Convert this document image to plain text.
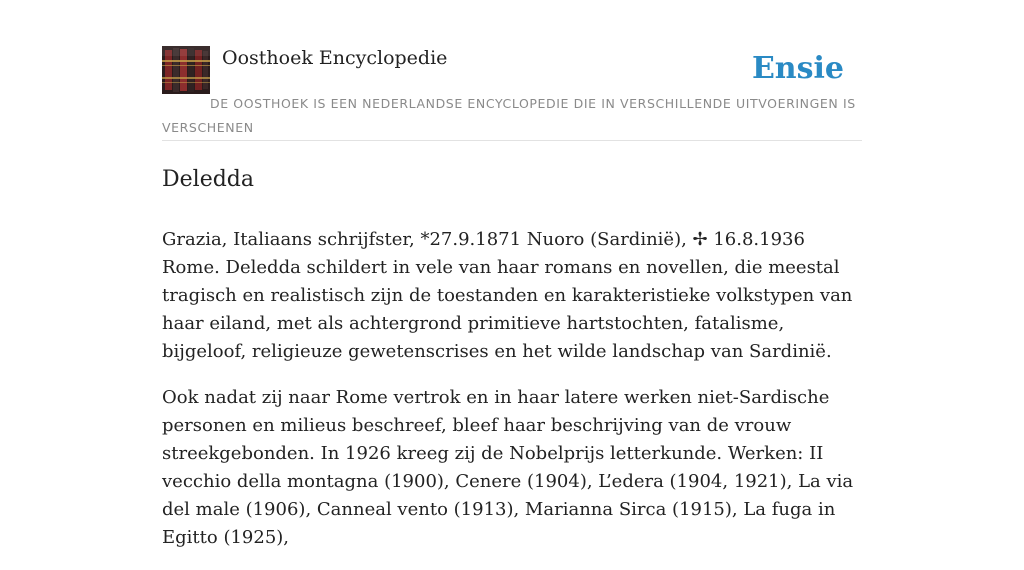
Oosthoek Encyclopedie	Ensie
DE OOSTHOEK IS EEN NEDERLANDSE ENCYCLOPEDIE DIE IN VERSCHILLENDE UITVOERINGEN IS VERSCHENEN
Deledda

Grazia, Italiaans schrijfster, *27.9.1871 Nuoro (Sardinië), ✢ 16.8.1936 Rome. Deledda schildert in vele van haar romans en novellen, die meestal tragisch en realistisch zijn de toestanden en karakteristieke volkstypen van haar eiland, met als achtergrond primitieve hartstochten, fatalisme, bijgeloof, religieuze gewetenscrises en het wilde landschap van Sardinië.

Ook nadat zij naar Rome vertrok en in haar latere werken niet-Sardische personen en milieus beschreef, bleef haar beschrijving van de vrouw streekgebonden. In 1926 kreeg zij de Nobelprijs letterkunde. Werken: II vecchio della montagna (1900), Cenere (1904), L’edera (1904, 1921), La via del male (1906), Canneal vento (1913), Marianna Sirca (1915), La fuga in Egitto (1925),
